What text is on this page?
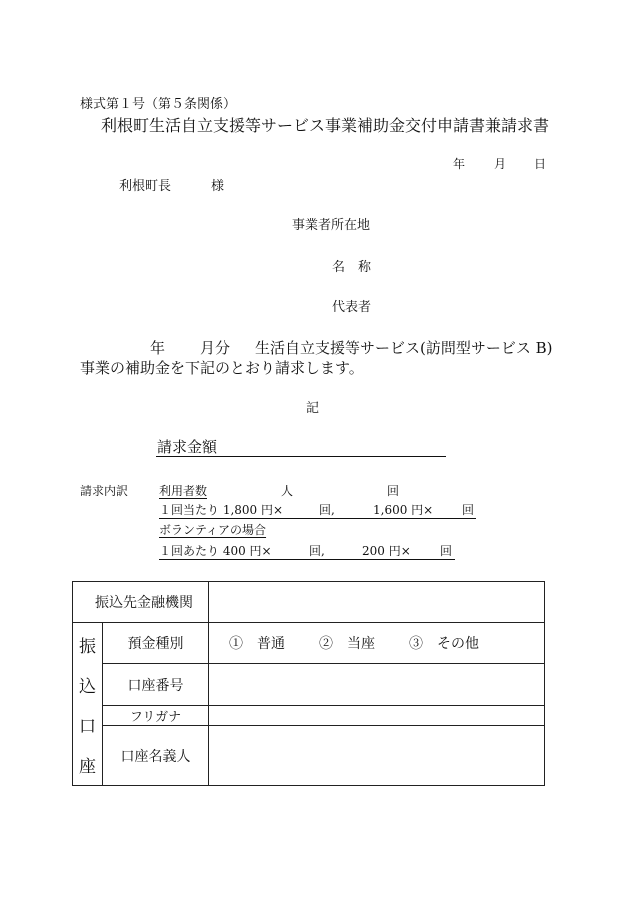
様式第１号（第５条関係）
利根町生活自立支援等サービス事業補助金交付申請書兼請求書
年 月 日
利根町長	様
事業者所在地
名　称
代表者
年 月分 生活自立支援等サービス(訪問型サービス B)
事業の補助金を下記のとおり請求します。
記
請求金額
請求内訳	利用者数	人	回
１回当たり 1,800 円×	回,	1,600 円× 回
ボランティアの場合
１回あたり 400 円×	回,	200 円× 回
振込先金融機関		

振
込
口
座	預金種別	①　普通 ②　当座 ③　その他

	口座番号	
	フリガナ	
	口座名義人	
